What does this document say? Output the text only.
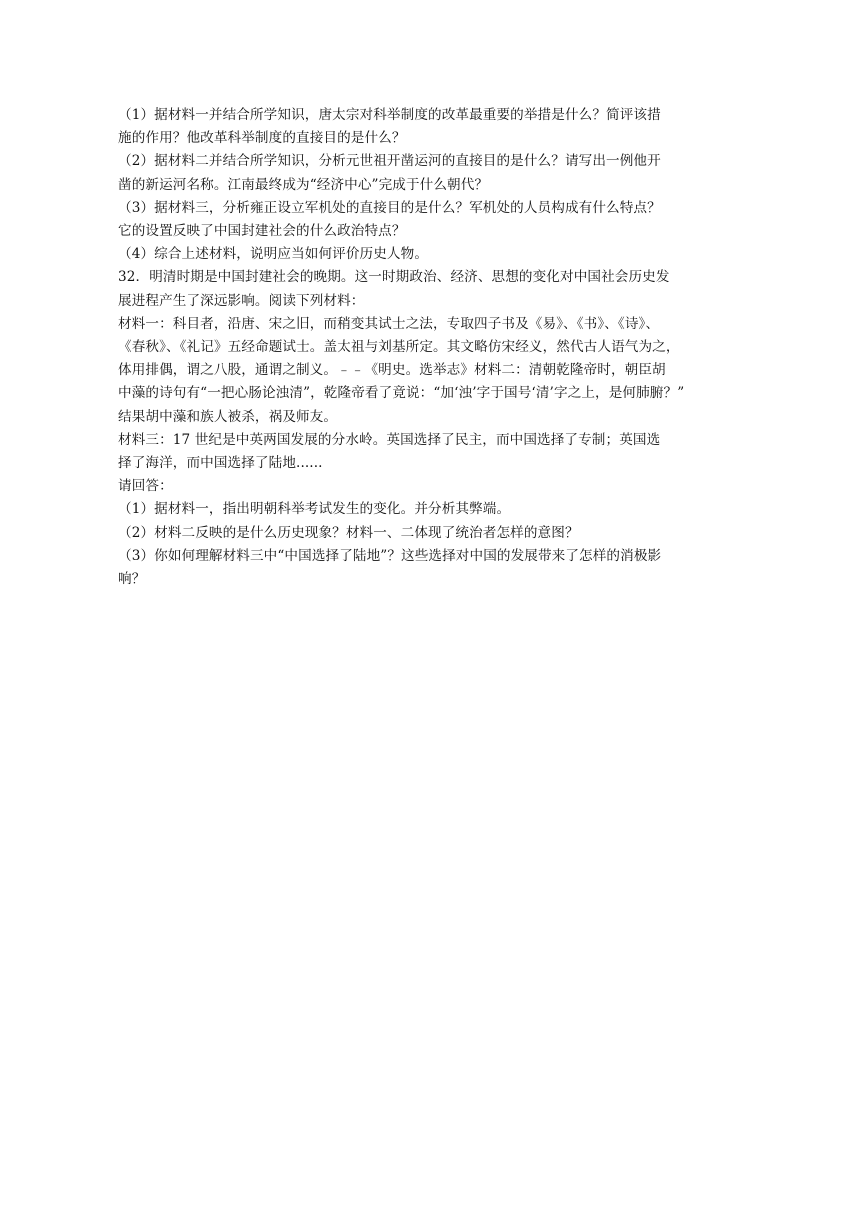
（1）据材料一并结合所学知识，唐太宗对科举制度的改革最重要的举措是什么？简评该措

施的作用？他改革科举制度的直接目的是什么？

（2）据材料二并结合所学知识，分析元世祖开凿运河的直接目的是什么？请写出一例他开

凿的新运河名称。江南最终成为“经济中心”完成于什么朝代？

（3）据材料三，分析雍正设立军机处的直接目的是什么？军机处的人员构成有什么特点？

它的设置反映了中国封建社会的什么政治特点？

（4）综合上述材料，说明应当如何评价历史人物。

32．明清时期是中国封建社会的晚期。这一时期政治、经济、思想的变化对中国社会历史发

展进程产生了深远影响。阅读下列材料：

材料一：科目者，沿唐、宋之旧，而稍变其试士之法，专取四子书及《易》、《书》、《诗》、

《春秋》、《礼记》五经命题试士。盖太祖与刘基所定。其文略仿宋经义，然代古人语气为之，

体用排偶，谓之八股，通谓之制义。﹣﹣《明史。选举志》材料二：清朝乾隆帝时，朝臣胡

中藻的诗句有“一把心肠论浊清”，乾隆帝看了竟说：“加‘浊’字于国号‘清’字之上，是何肺腑？”

结果胡中藻和族人被杀，祸及师友。

材料三：17 世纪是中英两国发展的分水岭。英国选择了民主，而中国选择了专制；英国选

择了海洋，而中国选择了陆地......

请回答：

（1）据材料一，指出明朝科举考试发生的变化。并分析其弊端。

（2）材料二反映的是什么历史现象？材料一、二体现了统治者怎样的意图？

（3）你如何理解材料三中“中国选择了陆地”？这些选择对中国的发展带来了怎样的消极影

响？
